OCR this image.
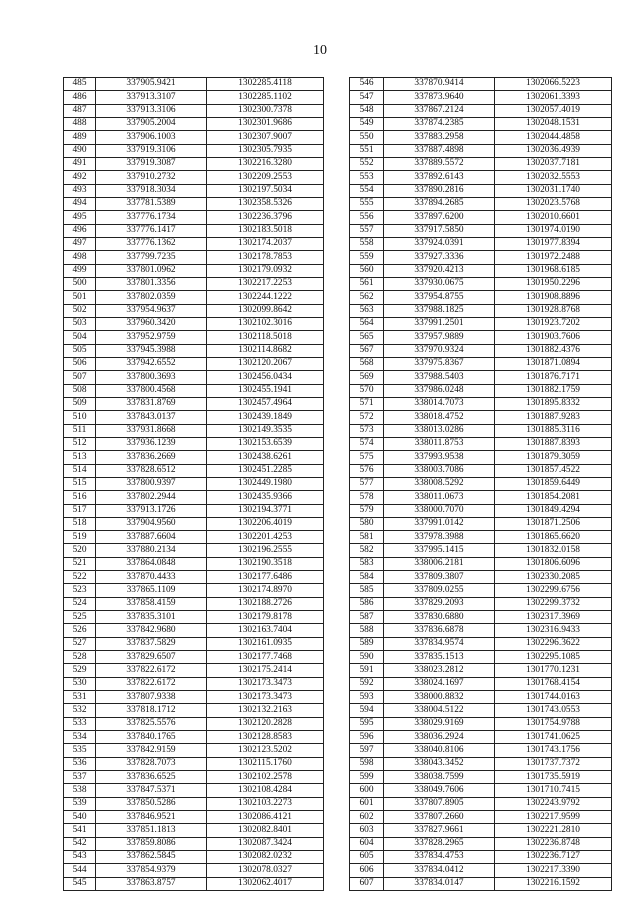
10
485	337905.9421	1302285.4118
486	337913.3107	1302285.1102
487	337913.3106	1302300.7378
488	337905.2004	1302301.9686
489	337906.1003	1302307.9007
490	337919.3106	1302305.7935
491	337919.3087	1302216.3280
492	337910.2732	1302209.2553
493	337918.3034	1302197.5034
494	337781.5389	1302358.5326
495	337776.1734	1302236.3796
496	337776.1417	1302183.5018
497	337776.1362	1302174.2037
498	337799.7235	1302178.7853
499	337801.0962	1302179.0932
500	337801.3356	1302217.2253
501	337802.0359	1302244.1222
502	337954.9637	1302099.8642
503	337960.3420	1302102.3016
504	337952.9759	1302118.5018
505	337945.3988	1302114.8682
506	337942.6552	1302120.2067
507	337800.3693	1302456.0434
508	337800.4568	1302455.1941
509	337831.8769	1302457.4964
510	337843.0137	1302439.1849
511	337931.8668	1302149.3535
512	337936.1239	1302153.6539
513	337836.2669	1302438.6261
514	337828.6512	1302451.2285
515	337800.9397	1302449.1980
516	337802.2944	1302435.9366
517	337913.1726	1302194.3771
518	337904.9560	1302206.4019
519	337887.6604	1302201.4253
520	337880.2134	1302196.2555
521	337864.0848	1302190.3518
522	337870.4433	1302177.6486
523	337865.1109	1302174.8970
524	337858.4159	1302188.2726
525	337835.3101	1302179.8178
526	337842.9680	1302163.7404
527	337837.5829	1302161.0935
528	337829.6507	1302177.7468
529	337822.6172	1302175.2414
530	337822.6172	1302173.3473
531	337807.9338	1302173.3473
532	337818.1712	1302132.2163
533	337825.5576	1302120.2828
534	337840.1765	1302128.8583
535	337842.9159	1302123.5202
536	337828.7073	1302115.1760
537	337836.6525	1302102.2578
538	337847.5371	1302108.4284
539	337850.5286	1302103.2273
540	337846.9521	1302086.4121
541	337851.1813	1302082.8401
542	337859.8086	1302087.3424
543	337862.5845	1302082.0232
544	337854.9379	1302078.0327
545	337863.8757	1302062.4017
546	337870.9414	1302066.5223
547	337873.9640	1302061.3393
548	337867.2124	1302057.4019
549	337874.2385	1302048.1531
550	337883.2958	1302044.4858
551	337887.4898	1302036.4939
552	337889.5572	1302037.7181
553	337892.6143	1302032.5553
554	337890.2816	1302031.1740
555	337894.2685	1302023.5768
556	337897.6200	1302010.6601
557	337917.5850	1301974.0190
558	337924.0391	1301977.8394
559	337927.3336	1301972.2488
560	337920.4213	1301968.6185
561	337930.0675	1301950.2296
562	337954.8755	1301908.8896
563	337988.1825	1301928.8768
564	337991.2501	1301923.7202
565	337957.9889	1301903.7606
567	337970.9324	1301882.4376
568	337975.8367	1301871.0894
569	337988.5403	1301876.7171
570	337986.0248	1301882.1759
571	338014.7073	1301895.8332
572	338018.4752	1301887.9283
573	338013.0286	1301885.3116
574	338011.8753	1301887.8393
575	337993.9538	1301879.3059
576	338003.7086	1301857.4522
577	338008.5292	1301859.6449
578	338011.0673	1301854.2081
579	338000.7070	1301849.4294
580	337991.0142	1301871.2506
581	337978.3988	1301865.6620
582	337995.1415	1301832.0158
583	338006.2181	1301806.6096
584	337809.3807	1302330.2085
585	337809.0255	1302299.6756
586	337829.2093	1302299.3732
587	337830.6880	1302317.3969
588	337836.6878	1302316.9433
589	337834.9574	1302296.3622
590	337835.1513	1302295.1085
591	338023.2812	1301770.1231
592	338024.1697	1301768.4154
593	338000.8832	1301744.0163
594	338004.5122	1301743.0553
595	338029.9169	1301754.9788
596	338036.2924	1301741.0625
597	338040.8106	1301743.1756
598	338043.3452	1301737.7372
599	338038.7599	1301735.5919
600	338049.7606	1301710.7415
601	337807.8905	1302243.9792
602	337807.2660	1302217.9599
603	337827.9661	1302221.2810
604	337828.2965	1302236.8748
605	337834.4753	1302236.7127
606	337834.0412	1302217.3390
607	337834.0147	1302216.1592
